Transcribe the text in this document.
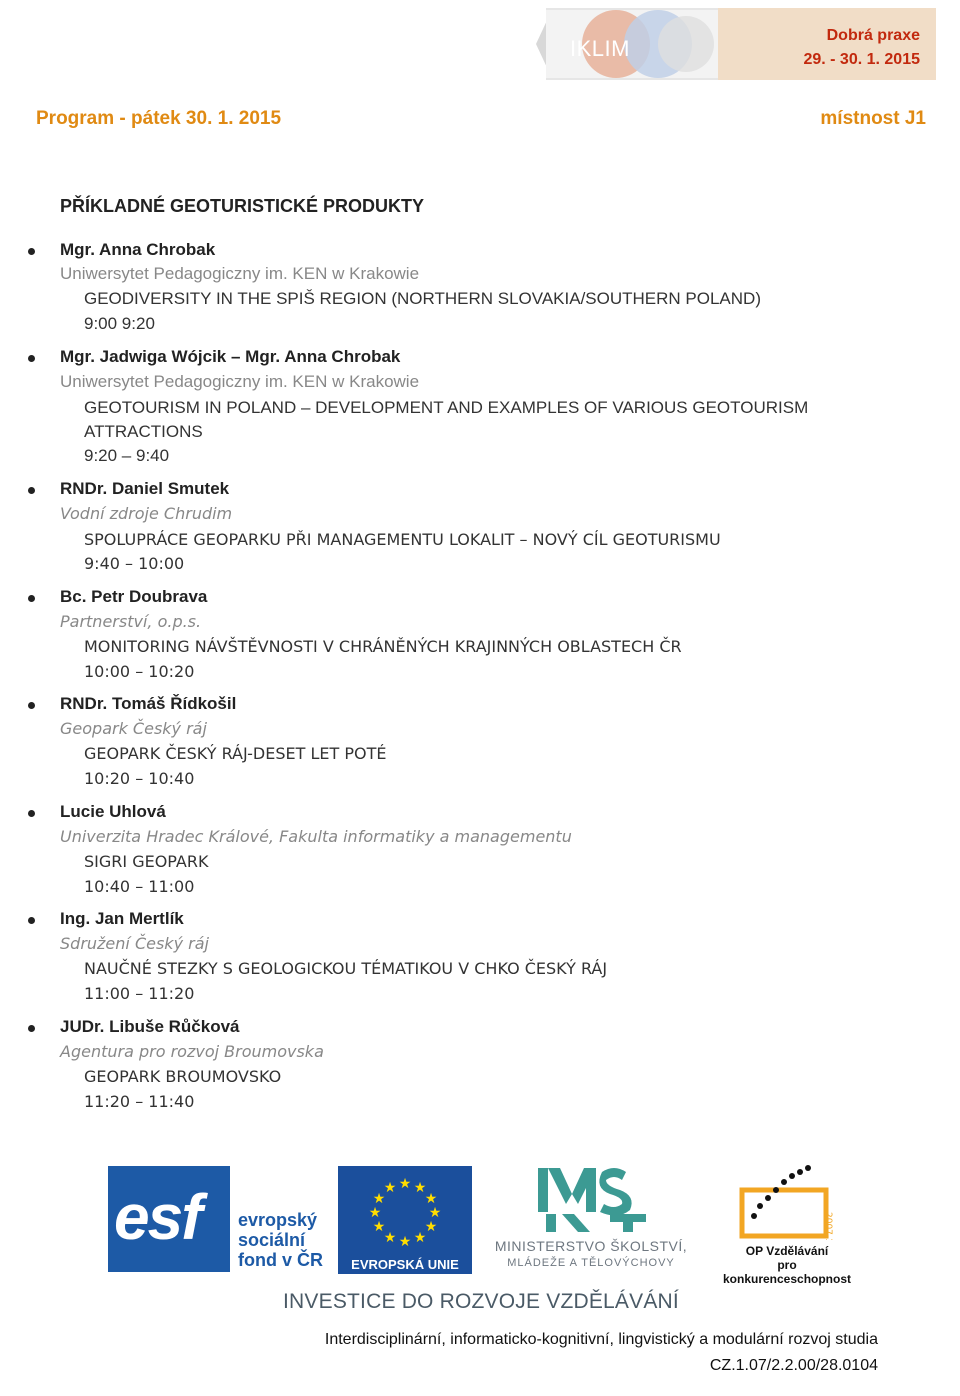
IKLIM
Dobrá praxe
29. - 30. 1. 2015
Program - pátek 30. 1. 2015	místnost J1
PŘÍKLADNÉ GEOTURISTICKÉ PRODUKTY
Mgr. Anna Chrobak
Uniwersytet Pedagogiczny im. KEN w Krakowie
GEODIVERSITY IN THE SPIŠ REGION (NORTHERN SLOVAKIA/SOUTHERN POLAND)
9:00 9:20
Mgr. Jadwiga Wójcik – Mgr. Anna Chrobak
Uniwersytet Pedagogiczny im. KEN w Krakowie
GEOTOURISM IN POLAND – DEVELOPMENT AND EXAMPLES OF VARIOUS GEOTOURISM ATTRACTIONS
9:20 – 9:40
RNDr. Daniel Smutek
Vodní zdroje Chrudim
SPOLUPRÁCE GEOPARKU PŘI MANAGEMENTU LOKALIT – NOVÝ CÍL GEOTURISMU
9:40 – 10:00
Bc. Petr Doubrava
Partnerství, o.p.s.
MONITORING NÁVŠTĚVNOSTI V CHRÁNĚNÝCH KRAJINNÝCH OBLASTECH ČR
10:00 – 10:20
RNDr. Tomáš Řídkošil
Geopark Český ráj
GEOPARK ČESKÝ RÁJ-DESET LET POTÉ
10:20 – 10:40
Lucie Uhlová
Univerzita Hradec Králové, Fakulta informatiky a managementu
SIGRI GEOPARK
10:40 – 11:00
Ing. Jan Mertlík
Sdružení Český ráj
NAUČNÉ STEZKY S GEOLOGICKOU TÉMATIKOU V CHKO ČESKÝ RÁJ
11:00 – 11:20
JUDr. Libuše Růčková
Agentura pro rozvoj Broumovska
GEOPARK BROUMOVSKO
11:20 – 11:40
esf evropský
sociální
fond v ČR
★ ★
★
★
★
★
★
★
★
★
★
★
EVROPSKÁ UNIE
MINISTERSTVO ŠKOLSTVÍ,
MLÁDEŽE A TĚLOVÝCHOVY
2007-13
OP Vzdělávání
pro konkurenceschopnost
INVESTICE DO ROZVOJE VZDĚLÁVÁNÍ
Interdisciplinární, informaticko-kognitivní, lingvistický a modulární rozvoj studia
CZ.1.07/2.2.00/28.0104
